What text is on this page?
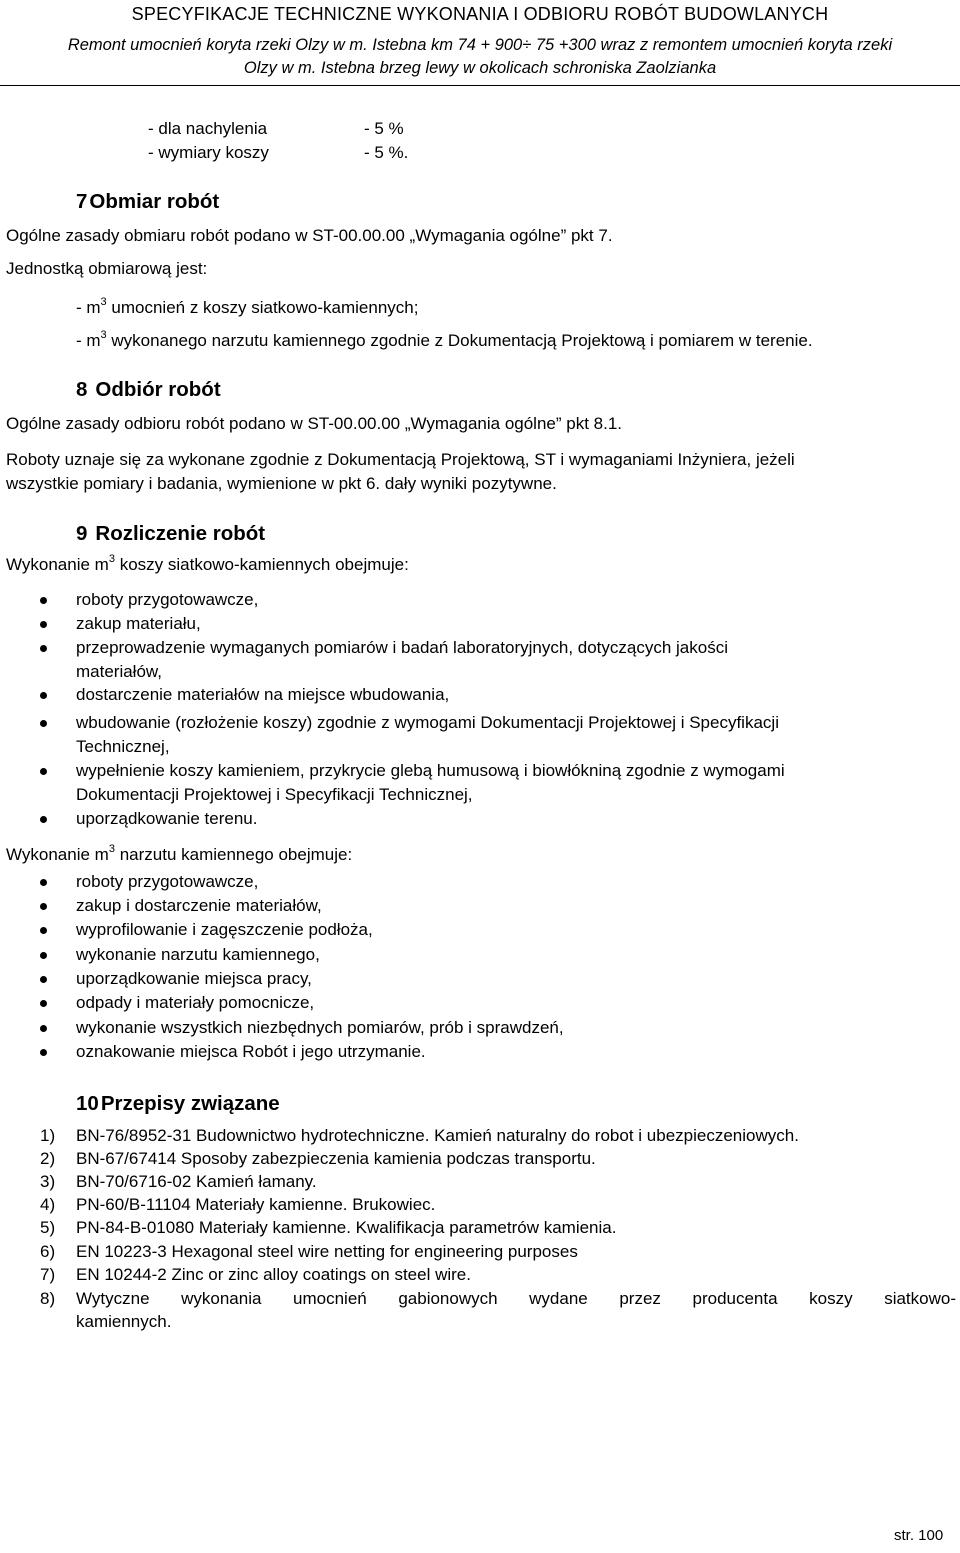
SPECYFIKACJE TECHNICZNE WYKONANIA I ODBIORU ROBÓT BUDOWLANYCH
Remont umocnień koryta rzeki Olzy w m. Istebna km 74 + 900÷ 75 +300 wraz z remontem umocnień koryta rzeki
Olzy w m. Istebna brzeg lewy w okolicach schroniska Zaolzianka
- dla nachylenia	- 5 %
- wymiary koszy	- 5 %.
7Obmiar robót
Ogólne zasady obmiaru robót podano w ST-00.00.00 „Wymagania ogólne” pkt 7.
Jednostką obmiarową jest:
- $m^3$ umocnień z koszy siatkowo-kamiennych;
- $m^3$ wykonanego narzutu kamiennego zgodnie z Dokumentacją Projektową i pomiarem w terenie.
8 Odbiór robót
Ogólne zasady odbioru robót podano w ST-00.00.00 „Wymagania ogólne” pkt 8.1.
Roboty uznaje się za wykonane zgodnie z Dokumentacją Projektową, ST i wymaganiami Inżyniera, jeżeli
wszystkie pomiary i badania, wymienione w pkt 6. dały wyniki pozytywne.
9 Rozliczenie robót
Wykonanie $m^3$ koszy siatkowo-kamiennych obejmuje:
roboty przygotowawcze,
zakup materiału,
przeprowadzenie wymaganych pomiarów i badań laboratoryjnych, dotyczących jakości
materiałów,
dostarczenie materiałów na miejsce wbudowania,
wbudowanie (rozłożenie koszy) zgodnie z wymogami Dokumentacji Projektowej i Specyfikacji
Technicznej,
wypełnienie koszy kamieniem, przykrycie glebą humusową i biowłókniną zgodnie z wymogami
Dokumentacji Projektowej i Specyfikacji Technicznej,
uporządkowanie terenu.
Wykonanie $m^3$ narzutu kamiennego obejmuje:
roboty przygotowawcze,
zakup i dostarczenie materiałów,
wyprofilowanie i zagęszczenie podłoża,
wykonanie narzutu kamiennego,
uporządkowanie miejsca pracy,
odpady i materiały pomocnicze,
wykonanie wszystkich niezbędnych pomiarów, prób i sprawdzeń,
oznakowanie miejsca Robót i jego utrzymanie.
10Przepisy związane
1) BN-76/8952-31 Budownictwo hydrotechniczne. Kamień naturalny do robot i ubezpieczeniowych.
2) BN-67/67414 Sposoby zabezpieczenia kamienia podczas transportu.
3) BN-70/6716-02 Kamień łamany.
4) PN-60/B-11104 Materiały kamienne. Brukowiec.
5) PN-84-B-01080 Materiały kamienne. Kwalifikacja parametrów kamienia.
6) EN 10223-3 Hexagonal steel wire netting for engineering purposes
7) EN 10244-2 Zinc or zinc alloy coatings on steel wire.
8) Wytyczne wykonania umocnień gabionowych wydane przez producenta koszy siatkowo-
kamiennych.
str. 100
